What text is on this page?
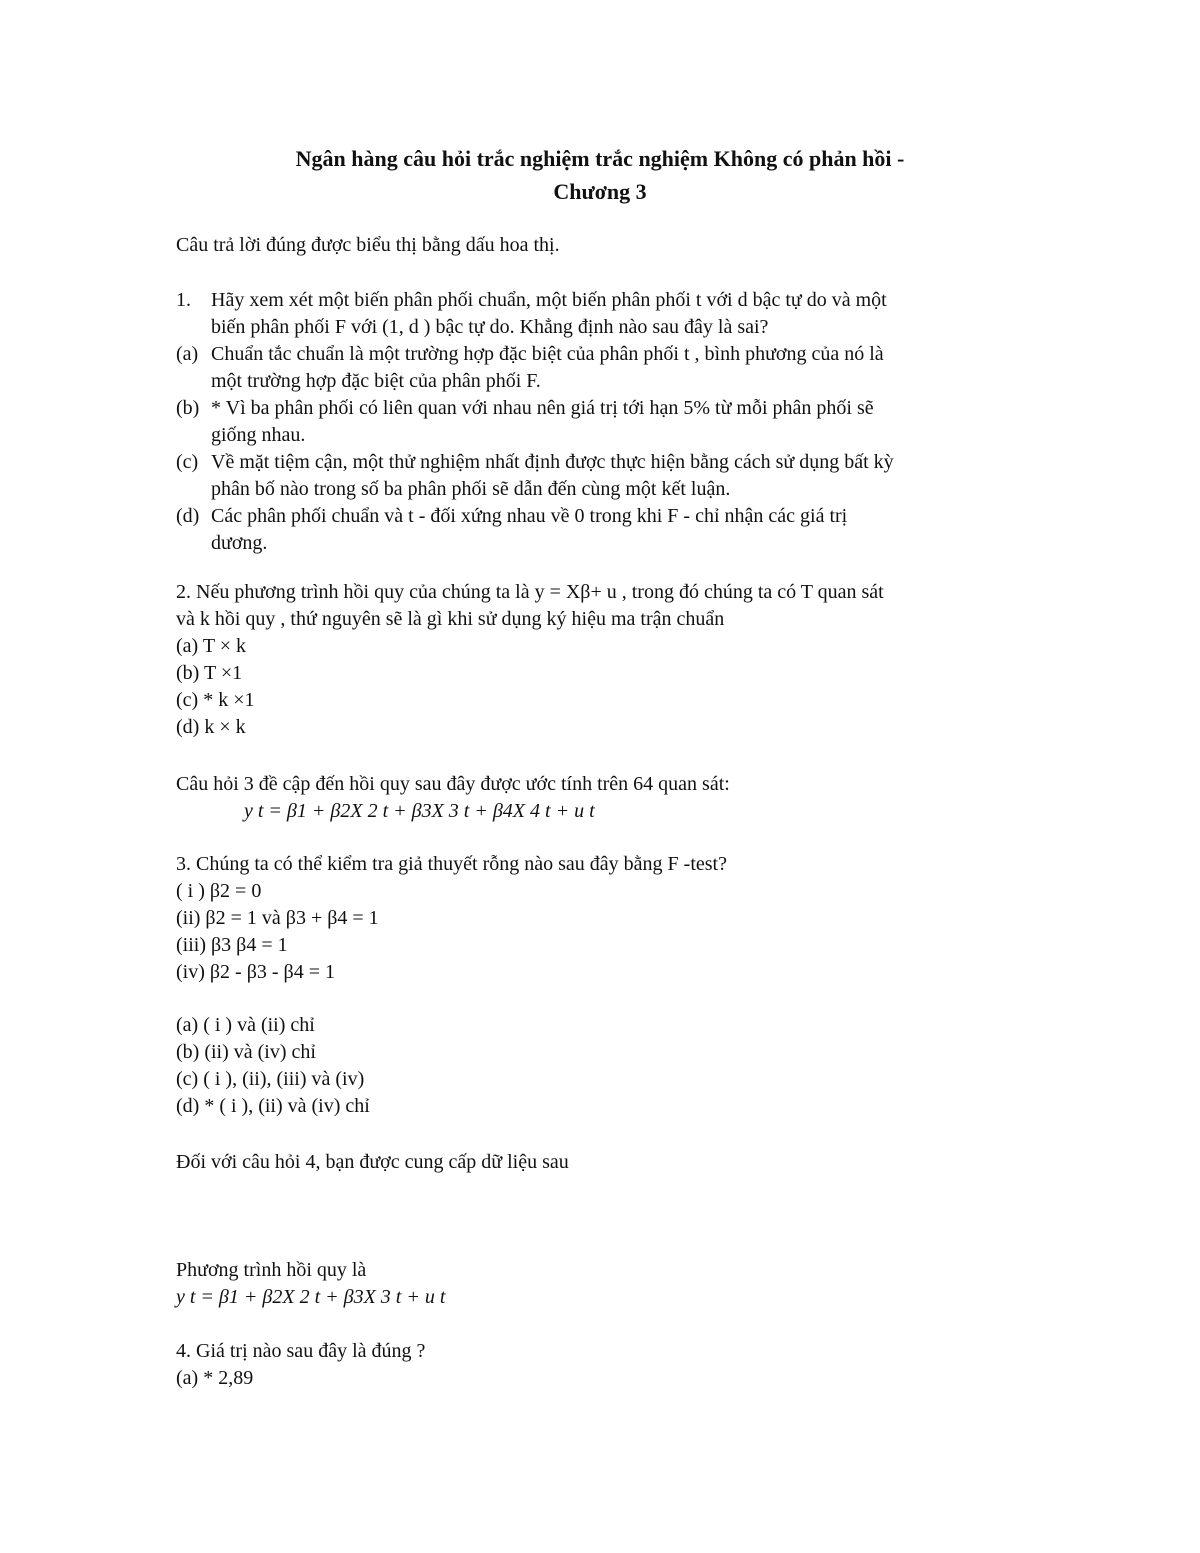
Ngân hàng câu hỏi trắc nghiệm trắc nghiệm Không có phản hồi -
Chương 3
Câu trả lời đúng được biểu thị bằng dấu hoa thị.
1. Hãy xem xét một biến phân phối chuẩn, một biến phân phối t với d bậc tự do và một
biến phân phối F với (1, d ) bậc tự do. Khẳng định nào sau đây là sai?
(a) Chuẩn tắc chuẩn là một trường hợp đặc biệt của phân phối t , bình phương của nó là
một trường hợp đặc biệt của phân phối F.
(b) * Vì ba phân phối có liên quan với nhau nên giá trị tới hạn 5% từ mỗi phân phối sẽ
giống nhau.
(c) Về mặt tiệm cận, một thử nghiệm nhất định được thực hiện bằng cách sử dụng bất kỳ
phân bố nào trong số ba phân phối sẽ dẫn đến cùng một kết luận.
(d) Các phân phối chuẩn và t - đối xứng nhau về 0 trong khi F - chỉ nhận các giá trị
dương.
2. Nếu phương trình hồi quy của chúng ta là y = Xβ+ u , trong đó chúng ta có T quan sát
và k hồi quy , thứ nguyên sẽ là gì khi sử dụng ký hiệu ma trận chuẩn
(a) T × k
(b) T ×1
(c) * k ×1
(d) k × k
Câu hỏi 3 đề cập đến hồi quy sau đây được ước tính trên 64 quan sát:
y t = β1 + β2X 2 t + β3X 3 t + β4X 4 t + u t
3. Chúng ta có thể kiểm tra giả thuyết rỗng nào sau đây bằng F -test?
( i ) β2 = 0
(ii) β2 = 1 và β3 + β4 = 1
(iii) β3 β4 = 1
(iv) β2 - β3 - β4 = 1
(a) ( i ) và (ii) chỉ
(b) (ii) và (iv) chỉ
(c) ( i ), (ii), (iii) và (iv)
(d) * ( i ), (ii) và (iv) chỉ
Đối với câu hỏi 4, bạn được cung cấp dữ liệu sau
Phương trình hồi quy là
y t = β1 + β2X 2 t + β3X 3 t + u t
4. Giá trị nào sau đây là đúng ?
(a) * 2,89
